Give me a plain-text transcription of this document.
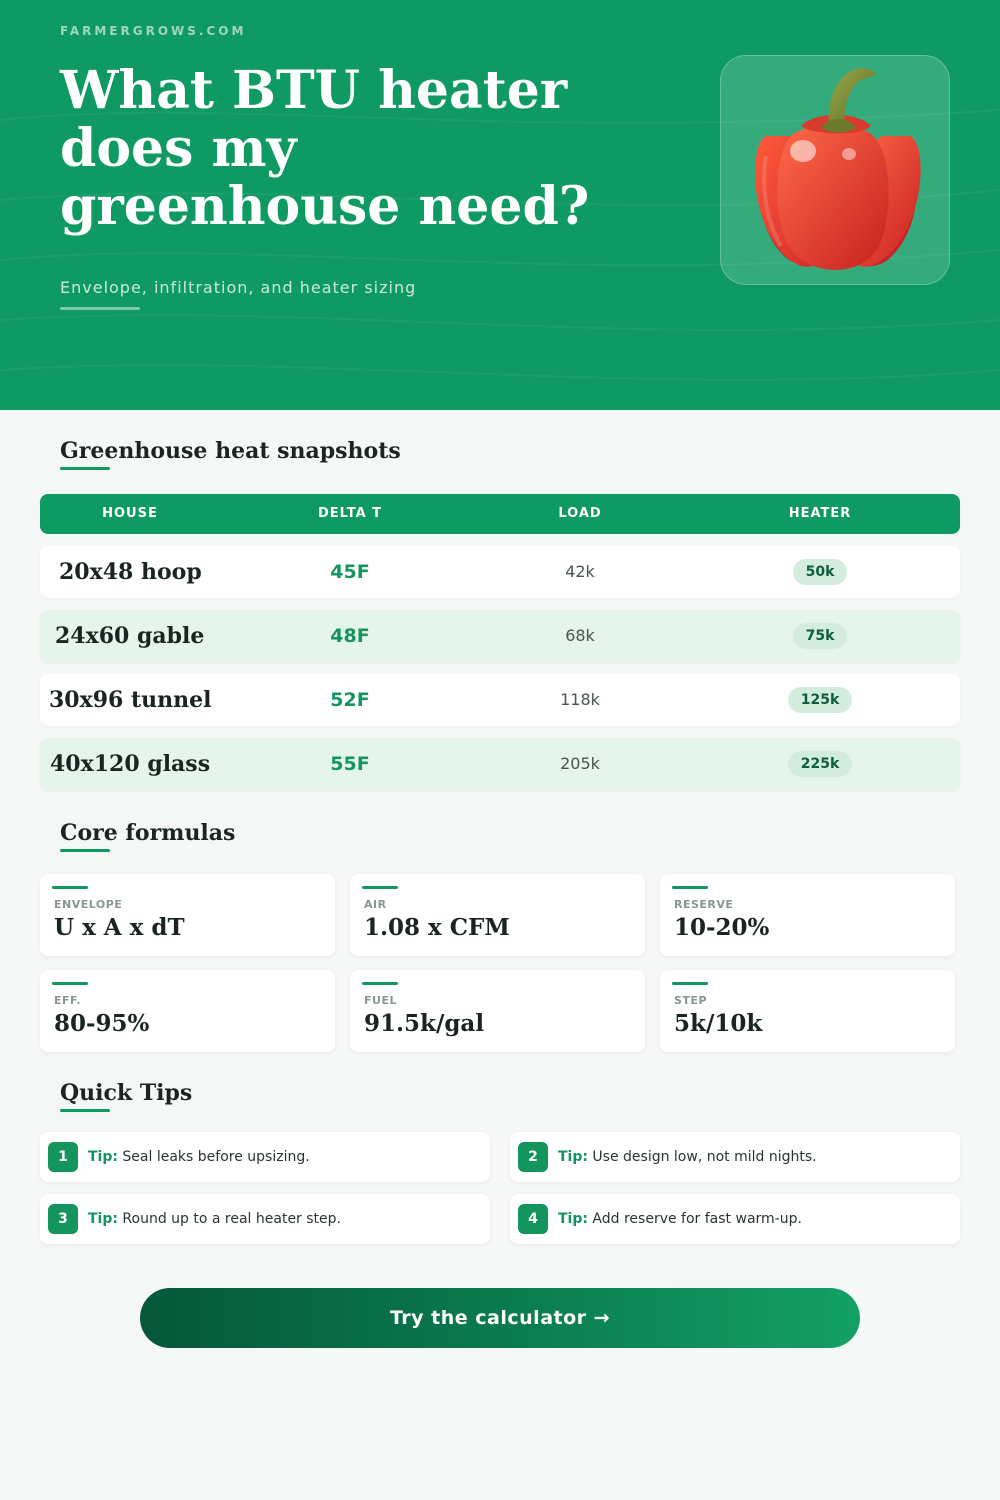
FARMERGROWS.COM
What BTU heater does my greenhouse need?
Envelope, infiltration, and heater sizing
Greenhouse heat snapshots
HOUSE	DELTA T	LOAD	HEATER
20x48 hoop	45F	42k	50k
24x60 gable	48F	68k	75k
30x96 tunnel	52F	118k	125k
40x120 glass	55F	205k	225k
Core formulas
ENVELOPE
U x A x dT
AIR
1.08 x CFM
RESERVE
10-20%
EFF.
80-95%
FUEL
91.5k/gal
STEP
5k/10k
Quick Tips
1	Tip: Seal leaks before upsizing.	2	Tip: Use design low, not mild nights.
3	Tip: Round up to a real heater step.	4	Tip: Add reserve for fast warm-up.
Try the calculator →
